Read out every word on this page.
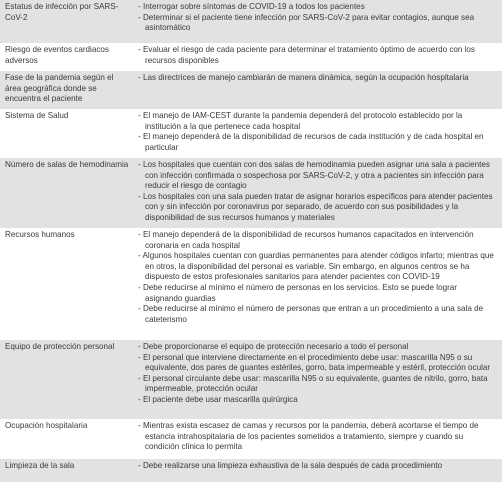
Estatus de infección por SARS-CoV-2	- Interrogar sobre síntomas de COVID-19 a todos los pacientes
- Determinar si el paciente tiene infección por SARS-CoV-2 para evitar contagios, aunque sea asintomático

Riesgo de eventos cardiacos adversos	- Evaluar el riesgo de cada paciente para determinar el tratamiento óptimo de acuerdo con los recursos disponibles

Fase de la pandemia según el área geográfica donde se encuentra el paciente	- Las directrices de manejo cambiarán de manera dinámica, según la ocupación hospitalaria

Sistema de Salud	- El manejo de IAM-CEST durante la pandemia dependerá del protocolo establecido por la institución a la que pertenece cada hospital
- El manejo dependerá de la disponibilidad de recursos de cada institución y de cada hospital en particular

Número de salas de hemodinamia	- Los hospitales que cuentan con dos salas de hemodinamia pueden asignar una sala a pacientes con infección confirmada o sospechosa por SARS-CoV-2, y otra a pacientes sin infección para reducir el riesgo de contagio
- Los hospitales con una sala pueden tratar de asignar horarios específicos para atender pacientes con y sin infección por coronavirus por separado, de acuerdo con sus posibilidades y la disponibilidad de sus recursos humanos y materiales

Recursos humanos	- El manejo dependerá de la disponibilidad de recursos humanos capacitados en intervención coronaria en cada hospital
- Algunos hospitales cuentan con guardias permanentes para atender códigos infarto; mientras que en otros, la disponibilidad del personal es variable. Sin embargo, en algunos centros se ha dispuesto de estos profesionales sanitarios para atender pacientes con COVID-19
- Debe reducirse al mínimo el número de personas en los servicios. Esto se puede lograr asignando guardias
- Debe reducirse al mínimo el número de personas que entran a un procedimiento a una sala de cateterismo

Equipo de protección personal	- Debe proporcionarse el equipo de protección necesario a todo el personal
- El personal que intervienе directamente en el procedimiento debe usar: mascarilla N95 o su equivalente, dos pares de guantes estériles, gorro, bata impermeable y estéril, protección ocular
- El personal circulante debe usar: mascarilla N95 o su equivalente, guantes de nitrilo, gorro, bata impermeable, protección ocular
- El paciente debe usar mascarilla quirúrgica

Ocupación hospitalaria	- Mientras exista escasez de camas y recursos por la pandemia, deberá acortarse el tiempo de estancia intrahospitalaria de los pacientes sometidos a tratamiento, siempre y cuando su condición clínica lo permita

Limpieza de la sala	- Debe realizarse una limpieza exhaustiva de la sala después de cada procedimiento
